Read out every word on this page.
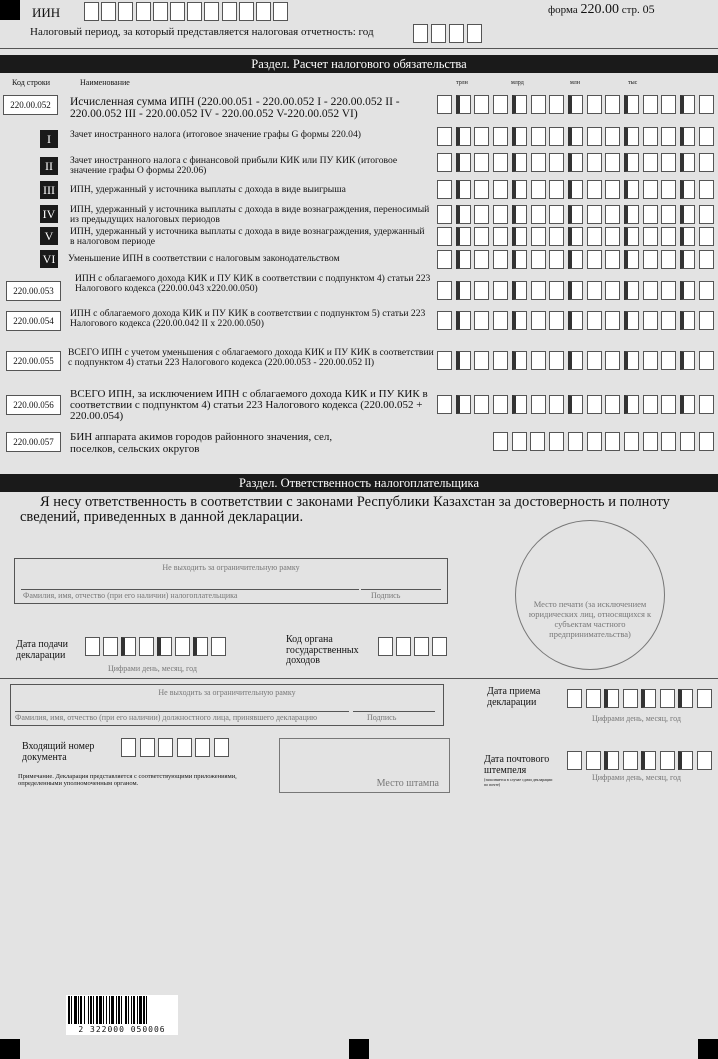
ИИН	форма 220.00 стр. 05
Налоговый период, за который представляется налоговая отчетность: год
Раздел. Расчет налогового обязательства
Код строки	Наименование	трлн	млрд	млн	тыс
220.00.052	Исчисленная сумма ИПН (220.00.051 - 220.00.052 I - 220.00.052 II - 220.00.052 III - 220.00.052 IV - 220.00.052 V-220.00.052 VI)
I	Зачет иностранного налога (итоговое значение графы G формы 220.04)
II	Зачет иностранного налога с финансовой прибыли КИК или ПУ КИК (итоговое значение графы O формы 220.06)
III	ИПН, удержанный у источника выплаты с дохода в виде выигрыша
IV ИПН, удержанный у источника выплаты с дохода в виде вознаграждения, переносимый из предыдущих налоговых периодов
V	ИПН, удержанный у источника выплаты с дохода в виде вознаграждения, удержанный в налоговом периоде
VI Уменьшение ИПН в соответствии с налоговым законодательством
220.00.053
ИПН с облагаемого дохода КИК и ПУ КИК в соответствии с подпунктом 4) статьи 223 Налогового кодекса (220.00.043 х220.00.050)
220.00.054
ИПН с облагаемого дохода КИК и ПУ КИК в соответствии с подпунктом 5) статьи 223 Налогового кодекса (220.00.042 II х 220.00.050)
220.00.055
ВСЕГО ИПН с учетом уменьшения с облагаемого дохода КИК и ПУ КИК в соответствии с подпунктом 4) статьи 223 Налогового кодекса (220.00.053 - 220.00.052 II)
220.00.056
ВСЕГО ИПН, за исключением ИПН с облагаемого дохода КИК и ПУ КИК в соответствии с подпунктом 4) статьи 223 Налогового кодекса (220.00.052 + 220.00.054)
220.00.057	БИН аппарата акимов городов районного значения, сел, поселков, сельских округов
Раздел. Ответственность налогоплательщика
Я несу ответственность в соответствии с законами Республики Казахстан за достоверность и полноту сведений, приведенных в данной декларации.
Не выходить за ограничительную рамку
Фамилия, имя, отчество (при его наличии) налогоплательщика	Подпись
Место печати (за исключением юридических лиц, относящихся к субъектам частного предпринимательства)
Дата подачи декларации
Цифрами день, месяц, год
Код органа государственных доходов
Не выходить за ограничительную рамку
Фамилия, имя, отчество (при его наличии) должностного лица, принявшего декларацию	Подпись
Дата приема декларации
Цифрами день, месяц, год
Входящий номер документа
Примечание. Декларация представляется с соответствующими приложениями, определенными уполномоченным органом.	Место штампа
Дата почтового штемпеля
(заполняется в случае сдачи декларации по почте)
Цифрами день, месяц, год
2 322000 050006
